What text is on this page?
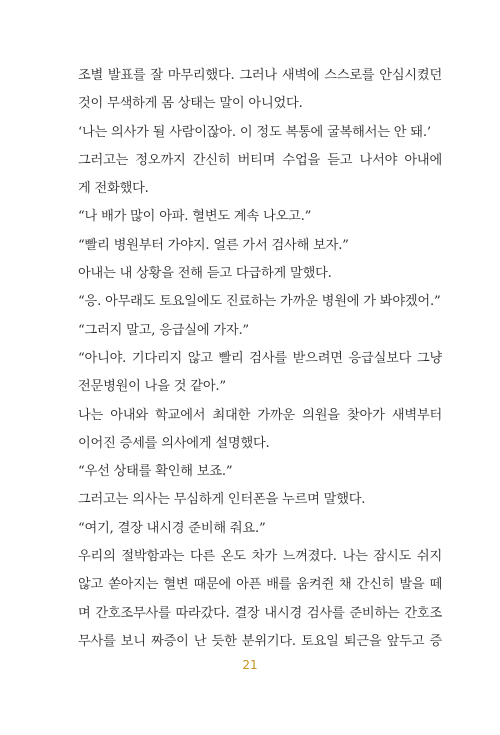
조별 발표를 잘 마무리했다. 그러나 새벽에 스스로를 안심시켰던
것이 무색하게 몸 상태는 말이 아니었다.
‘나는 의사가 될 사람이잖아. 이 정도 복통에 굴복해서는 안 돼.’
그러고는 정오까지 간신히 버티며 수업을 듣고 나서야 아내에
게 전화했다.
“나 배가 많이 아파. 혈변도 계속 나오고.”
“빨리 병원부터 가야지. 얼른 가서 검사해 보자.”
아내는 내 상황을 전해 듣고 다급하게 말했다.
“응. 아무래도 토요일에도 진료하는 가까운 병원에 가 봐야겠어.”
“그러지 말고, 응급실에 가자.”
“아니야. 기다리지 않고 빨리 검사를 받으려면 응급실보다 그냥
전문병원이 나을 것 같아.”
나는 아내와 학교에서 최대한 가까운 의원을 찾아가 새벽부터
이어진 증세를 의사에게 설명했다.
“우선 상태를 확인해 보죠.”
그러고는 의사는 무심하게 인터폰을 누르며 말했다.
“여기, 결장 내시경 준비해 줘요.”
우리의 절박함과는 다른 온도 차가 느껴졌다. 나는 잠시도 쉬지
않고 쏟아지는 혈변 때문에 아픈 배를 움켜쥔 채 간신히 발을 떼
며 간호조무사를 따라갔다. 결장 내시경 검사를 준비하는 간호조
무사를 보니 짜증이 난 듯한 분위기다. 토요일 퇴근을 앞두고 증
21
